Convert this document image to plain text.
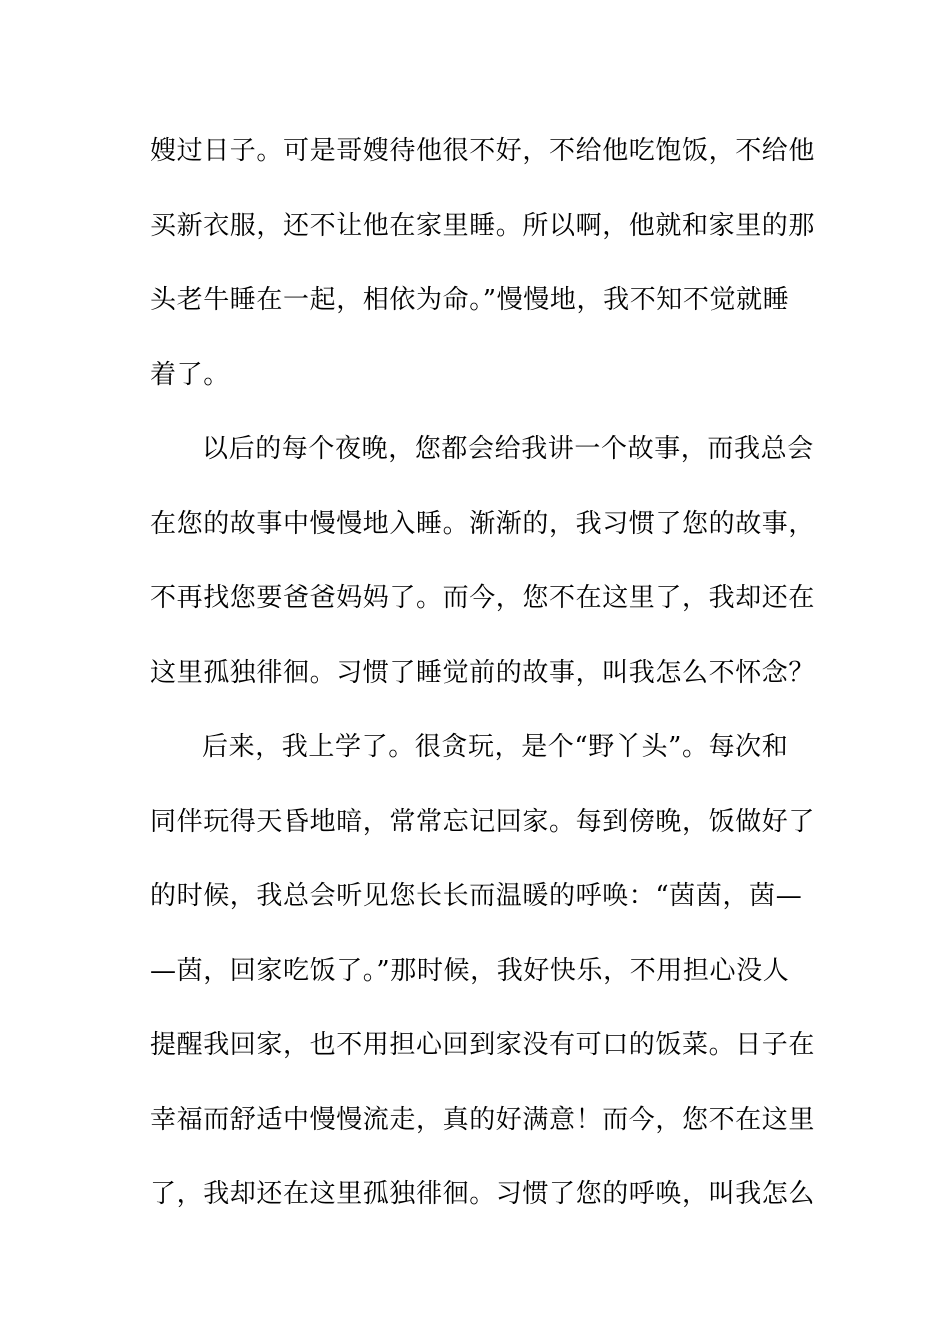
嫂过日子。可是哥嫂待他很不好，不给他吃饱饭，不给他
买新衣服，还不让他在家里睡。所以啊，他就和家里的那
头老牛睡在一起，相依为命。”慢慢地，我不知不觉就睡
着了。
以后的每个夜晚，您都会给我讲一个故事，而我总会
在您的故事中慢慢地入睡。渐渐的，我习惯了您的故事，
不再找您要爸爸妈妈了。而今，您不在这里了，我却还在
这里孤独徘徊。习惯了睡觉前的故事，叫我怎么不怀念？
后来，我上学了。很贪玩，是个“野丫头”。每次和
同伴玩得天昏地暗，常常忘记回家。每到傍晚，饭做好了
的时候，我总会听见您长长而温暖的呼唤：“茵茵，茵—
—茵，回家吃饭了。”那时候，我好快乐，不用担心没人
提醒我回家，也不用担心回到家没有可口的饭菜。日子在
幸福而舒适中慢慢流走，真的好满意！而今，您不在这里
了，我却还在这里孤独徘徊。习惯了您的呼唤，叫我怎么
